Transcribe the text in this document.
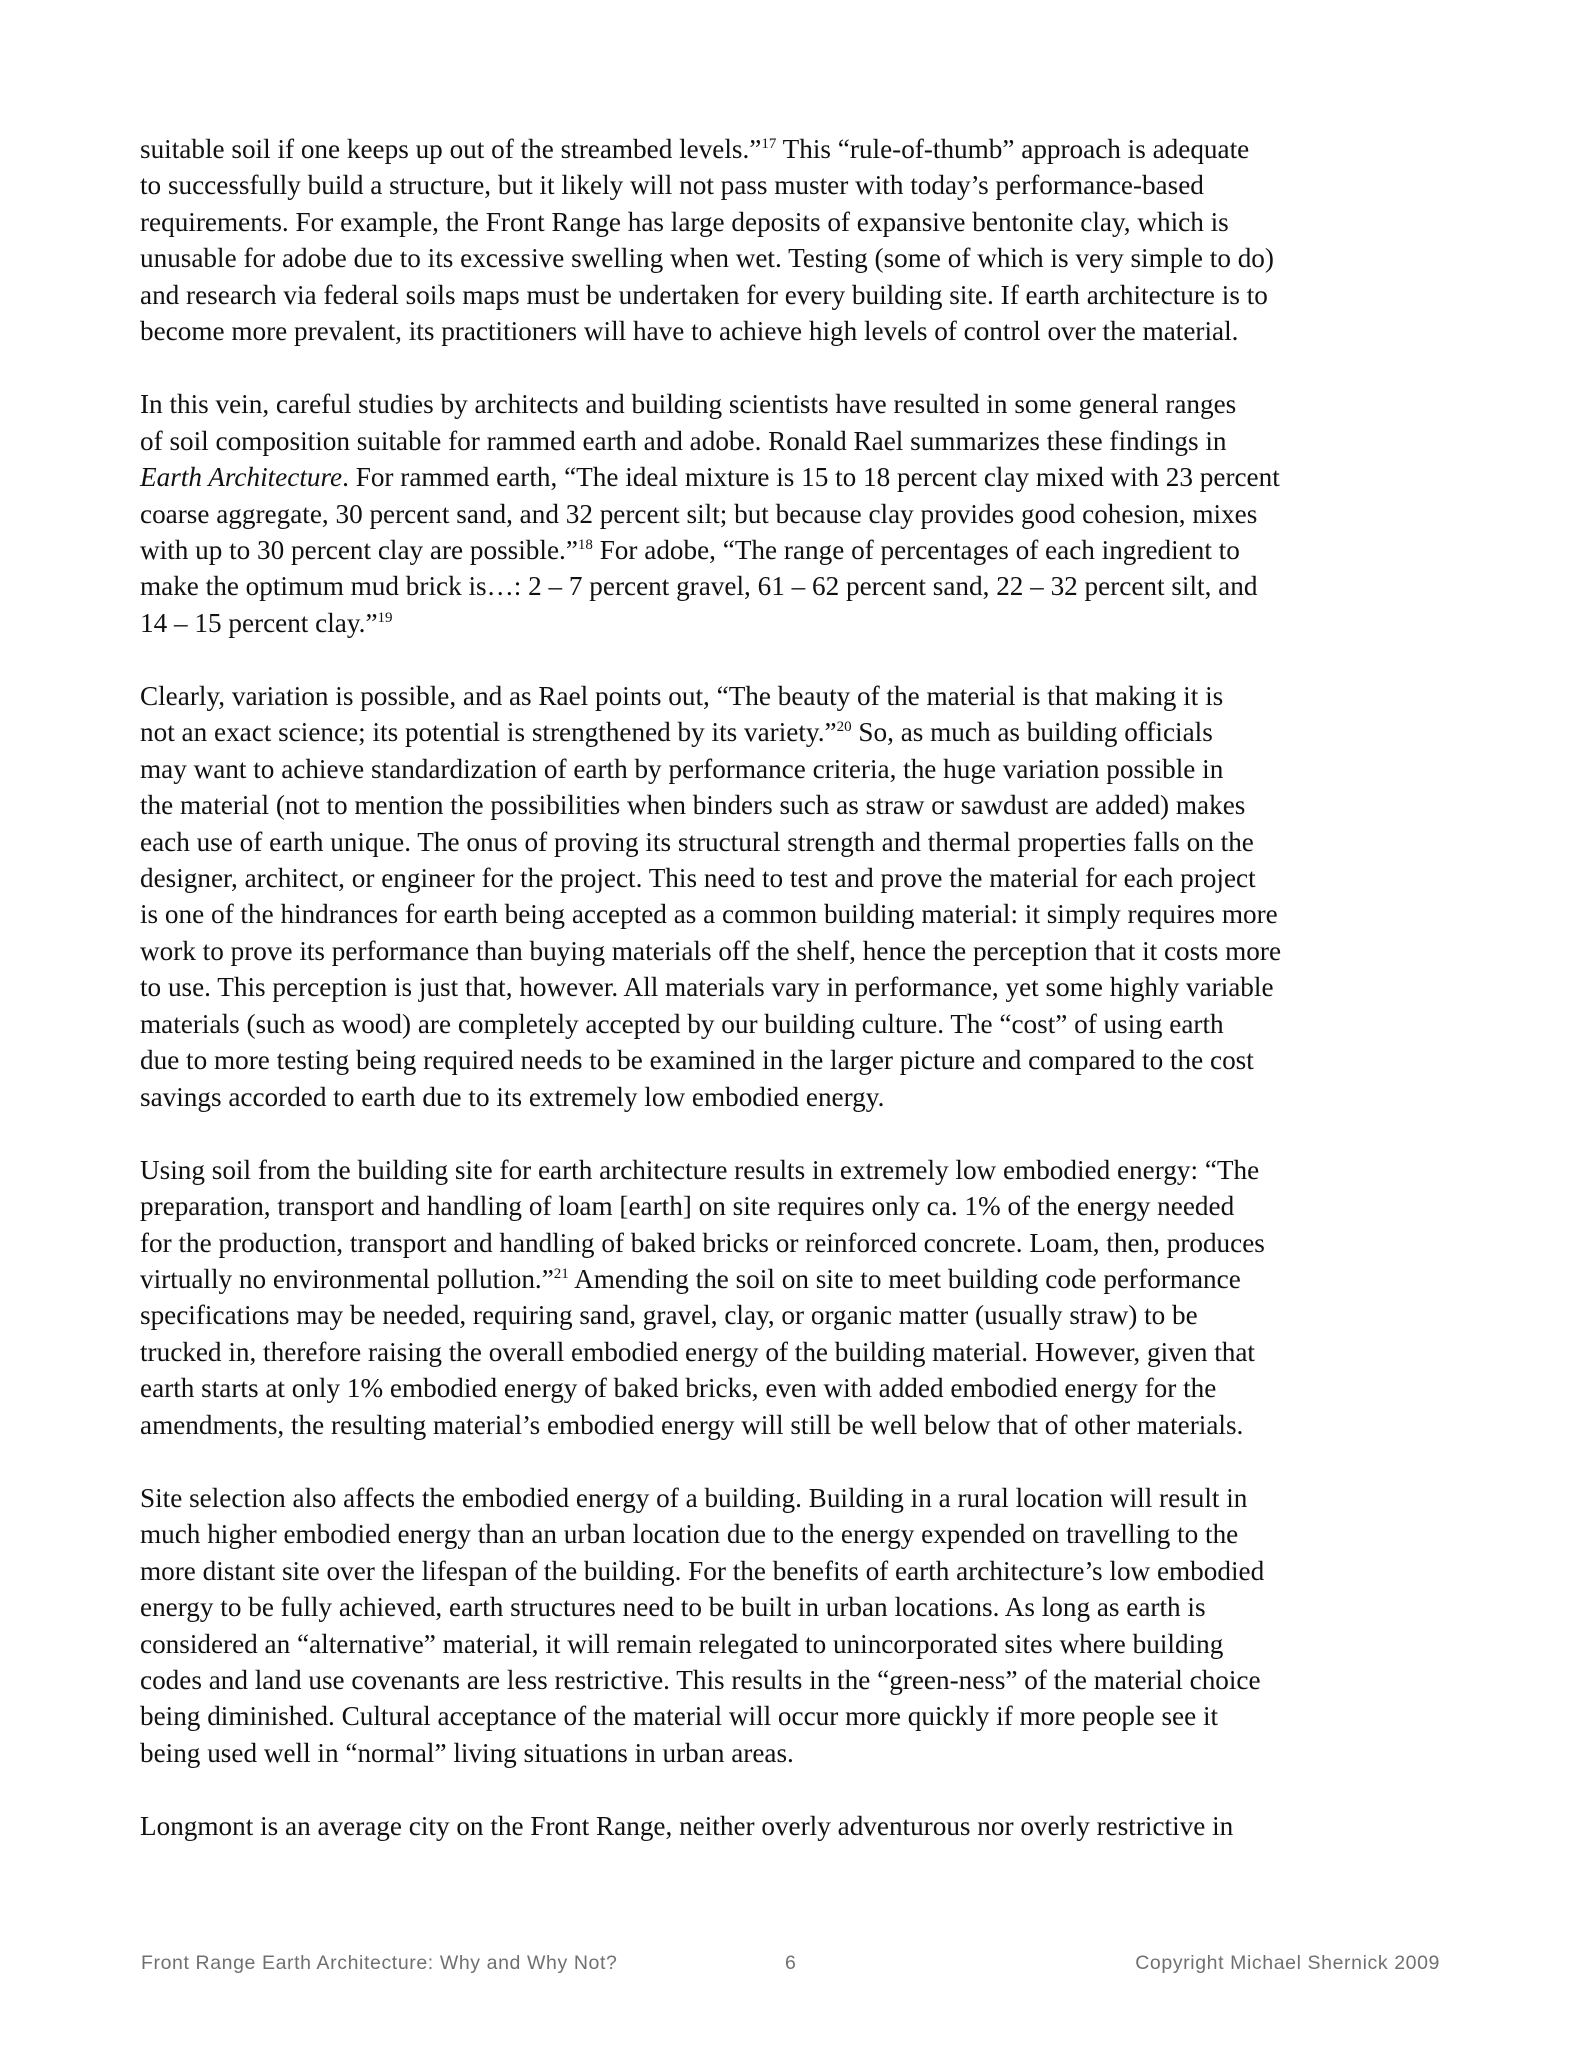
suitable soil if one keeps up out of the streambed levels.”$^{17}$ This “rule-of-thumb” approach is adequate
to successfully build a structure, but it likely will not pass muster with today’s performance-based
requirements. For example, the Front Range has large deposits of expansive bentonite clay, which is
unusable for adobe due to its excessive swelling when wet. Testing (some of which is very simple to do)
and research via federal soils maps must be undertaken for every building site. If earth architecture is to
become more prevalent, its practitioners will have to achieve high levels of control over the material.

In this vein, careful studies by architects and building scientists have resulted in some general ranges
of soil composition suitable for rammed earth and adobe. Ronald Rael summarizes these findings in
Earth Architecture. For rammed earth, “The ideal mixture is 15 to 18 percent clay mixed with 23 percent
coarse aggregate, 30 percent sand, and 32 percent silt; but because clay provides good cohesion, mixes
with up to 30 percent clay are possible.”$^{18}$ For adobe, “The range of percentages of each ingredient to
make the optimum mud brick is…: 2 – 7 percent gravel, 61 – 62 percent sand, 22 – 32 percent silt, and
14 – 15 percent clay.”$^{19}$

Clearly, variation is possible, and as Rael points out, “The beauty of the material is that making it is
not an exact science; its potential is strengthened by its variety.”$^{20}$ So, as much as building officials
may want to achieve standardization of earth by performance criteria, the huge variation possible in
the material (not to mention the possibilities when binders such as straw or sawdust are added) makes
each use of earth unique. The onus of proving its structural strength and thermal properties falls on the
designer, architect, or engineer for the project. This need to test and prove the material for each project
is one of the hindrances for earth being accepted as a common building material: it simply requires more
work to prove its performance than buying materials off the shelf, hence the perception that it costs more
to use. This perception is just that, however. All materials vary in performance, yet some highly variable
materials (such as wood) are completely accepted by our building culture. The “cost” of using earth
due to more testing being required needs to be examined in the larger picture and compared to the cost
savings accorded to earth due to its extremely low embodied energy.

Using soil from the building site for earth architecture results in extremely low embodied energy: “The
preparation, transport and handling of loam [earth] on site requires only ca. 1% of the energy needed
for the production, transport and handling of baked bricks or reinforced concrete. Loam, then, produces
virtually no environmental pollution.”$^{21}$ Amending the soil on site to meet building code performance
specifications may be needed, requiring sand, gravel, clay, or organic matter (usually straw) to be
trucked in, therefore raising the overall embodied energy of the building material. However, given that
earth starts at only 1% embodied energy of baked bricks, even with added embodied energy for the
amendments, the resulting material’s embodied energy will still be well below that of other materials.

Site selection also affects the embodied energy of a building. Building in a rural location will result in
much higher embodied energy than an urban location due to the energy expended on travelling to the
more distant site over the lifespan of the building. For the benefits of earth architecture’s low embodied
energy to be fully achieved, earth structures need to be built in urban locations. As long as earth is
considered an “alternative” material, it will remain relegated to unincorporated sites where building
codes and land use covenants are less restrictive. This results in the “green-ness” of the material choice
being diminished. Cultural acceptance of the material will occur more quickly if more people see it
being used well in “normal” living situations in urban areas.

Longmont is an average city on the Front Range, neither overly adventurous nor overly restrictive in

Front Range Earth Architecture: Why and Why Not?	6	Copyright Michael Shernick 2009
